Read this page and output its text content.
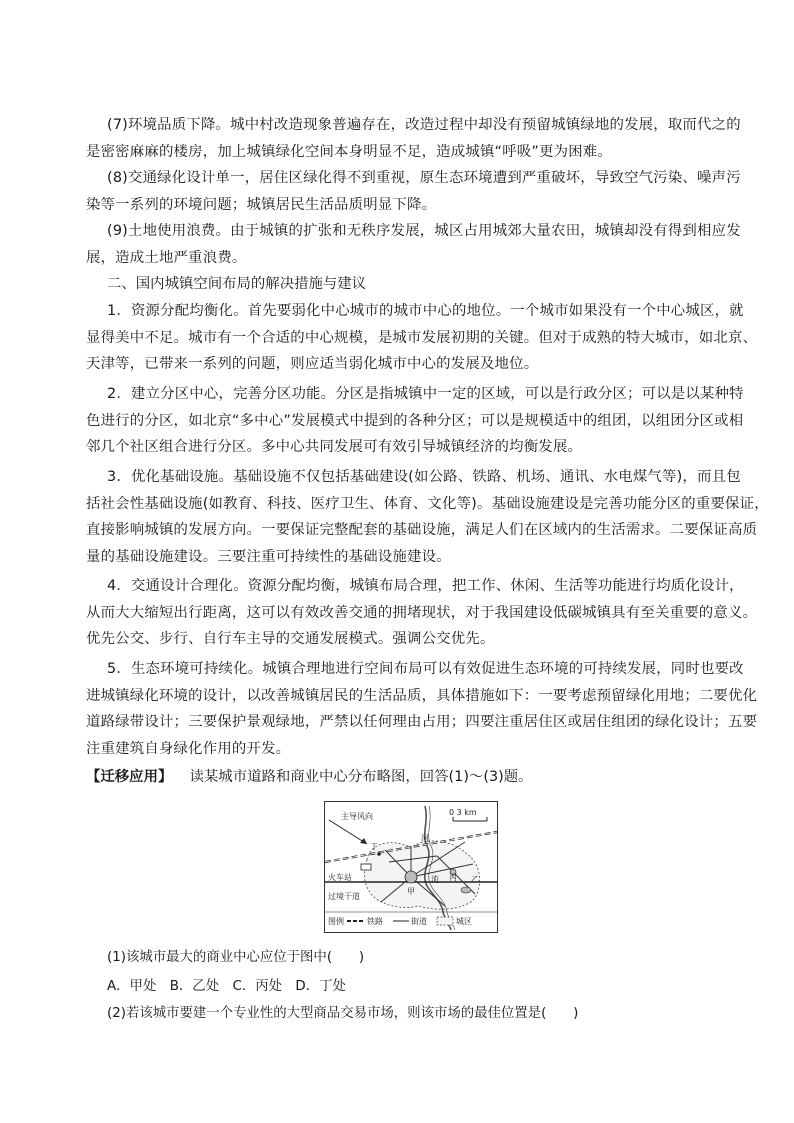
(7)环境品质下降。城中村改造现象普遍存在，改造过程中却没有预留城镇绿地的发展，取而代之的
是密密麻麻的楼房，加上城镇绿化空间本身明显不足，造成城镇“呼吸”更为困难。
(8)交通绿化设计单一，居住区绿化得不到重视，原生态环境遭到严重破坏，导致空气污染、噪声污
染等一系列的环境问题；城镇居民生活品质明显下降。
(9)土地使用浪费。由于城镇的扩张和无秩序发展，城区占用城郊大量农田，城镇却没有得到相应发
展，造成土地严重浪费。
二、国内城镇空间布局的解决措施与建议
1．资源分配均衡化。首先要弱化中心城市的城市中心的地位。一个城市如果没有一个中心城区，就
显得美中不足。城市有一个合适的中心规模，是城市发展初期的关键。但对于成熟的特大城市，如北京、
天津等，已带来一系列的问题，则应适当弱化城市中心的发展及地位。
2．建立分区中心，完善分区功能。分区是指城镇中一定的区域，可以是行政分区；可以是以某种特
色进行的分区，如北京“多中心”发展模式中提到的各种分区；可以是规模适中的组团，以组团分区或相
邻几个社区组合进行分区。多中心共同发展可有效引导城镇经济的均衡发展。
3．优化基础设施。基础设施不仅包括基础建设(如公路、铁路、机场、通讯、水电煤气等)，而且包
括社会性基础设施(如教育、科技、医疗卫生、体育、文化等)。基础设施建设是完善功能分区的重要保证，
直接影响城镇的发展方向。一要保证完整配套的基础设施，满足人们在区域内的生活需求。二要保证高质
量的基础设施建设。三要注重可持续性的基础设施建设。
4．交通设计合理化。资源分配均衡，城镇布局合理，把工作、休闲、生活等功能进行均质化设计，
从而大大缩短出行距离，这可以有效改善交通的拥堵现状，对于我国建设低碳城镇具有至关重要的意义。
优先公交、步行、自行车主导的交通发展模式。强调公交优先。
5．生态环境可持续化。城镇合理地进行空间布局可以有效促进生态环境的可持续发展，同时也要改
进城镇绿化环境的设计，以改善城镇居民的生活品质，具体措施如下：一要考虑预留绿化用地；二要优化
道路绿带设计；三要保护景观绿地，严禁以任何理由占用；四要注重居住区或居住组团的绿化设计；五要
注重建筑自身绿化作用的开发。
【迁移应用】 读某城市道路和商业中心分布略图，回答(1)～(3)题。
主导风向	0 3 km
河
火车站
过境干道
甲
丁
丙 乙
流
图例	铁路	街道	城区
(1)该城市最大的商业中心应位于图中(　　)
A．甲处　B．乙处　C．丙处　D．丁处
(2)若该城市要建一个专业性的大型商品交易市场，则该市场的最佳位置是(　　)
